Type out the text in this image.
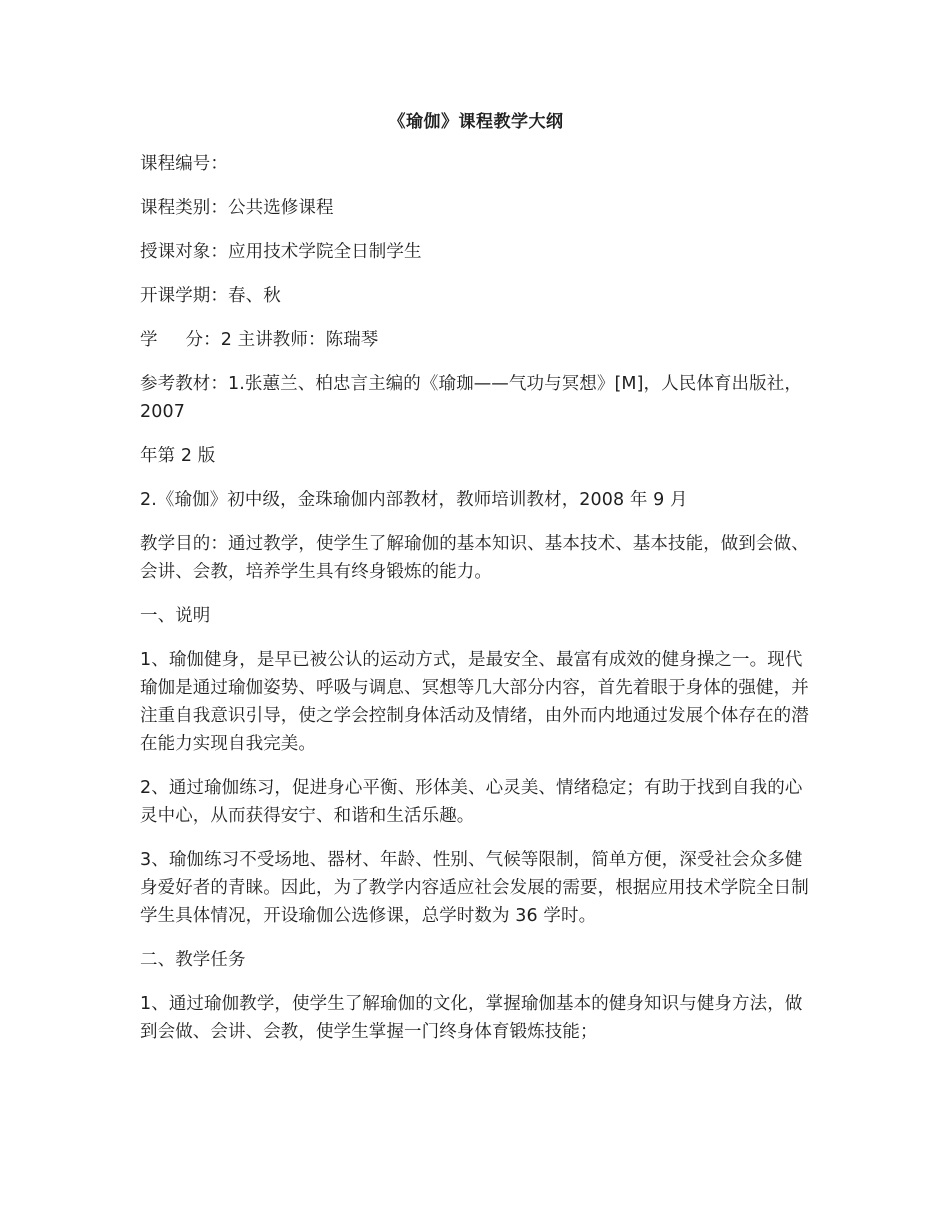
《瑜伽》课程教学大纲

课程编号：

课程类别：公共选修课程

授课对象：应用技术学院全日制学生

开课学期：春、秋

学 分：2 主讲教师：陈瑞琴

参考教材：1.张蕙兰、柏忠言主编的《瑜珈——气功与冥想》[M]，人民体育出版社， 2007

年第 2 版

2.《瑜伽》初中级，金珠瑜伽内部教材，教师培训教材，2008 年 9 月

教学目的：通过教学，使学生了解瑜伽的基本知识、基本技术、基本技能，做到会做、会讲、会教，培养学生具有终身锻炼的能力。

一、说明

1、瑜伽健身，是早已被公认的运动方式，是最安全、最富有成效的健身操之一。现代瑜伽是通过瑜伽姿势、呼吸与调息、冥想等几大部分内容，首先着眼于身体的强健，并注重自我意识引导，使之学会控制身体活动及情绪，由外而内地通过发展个体存在的潜在能力实现自我完美。

2、通过瑜伽练习，促进身心平衡、形体美、心灵美、情绪稳定；有助于找到自我的心灵中心，从而获得安宁、和谐和生活乐趣。

3、瑜伽练习不受场地、器材、年龄、性别、气候等限制，简单方便，深受社会众多健身爱好者的青睐。因此，为了教学内容适应社会发展的需要，根据应用技术学院全日制学生具体情况，开设瑜伽公选修课，总学时数为 36 学时。

二、教学任务

1、通过瑜伽教学，使学生了解瑜伽的文化，掌握瑜伽基本的健身知识与健身方法，做到会做、会讲、会教，使学生掌握一门终身体育锻炼技能；
